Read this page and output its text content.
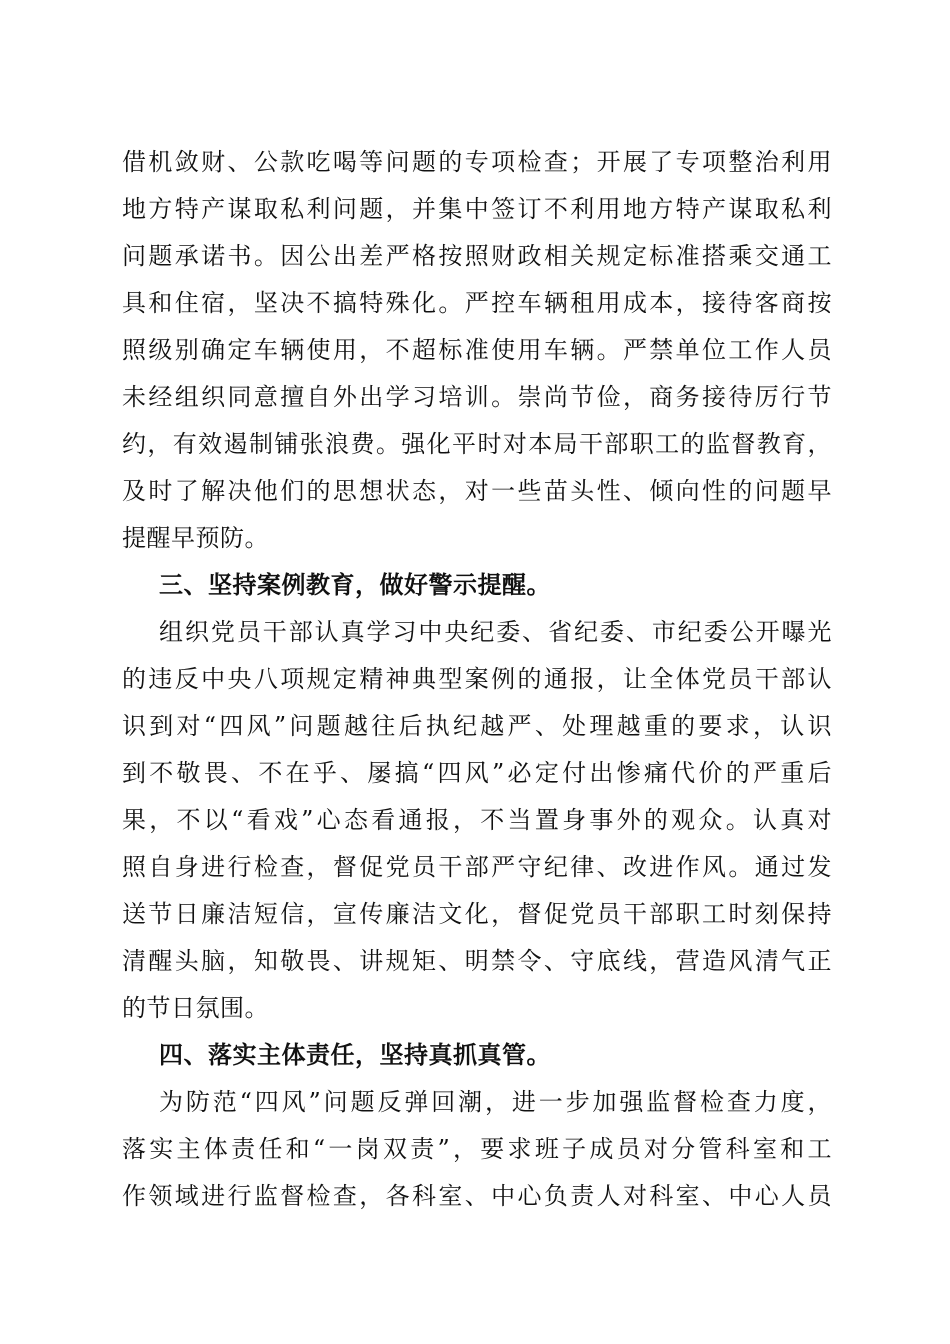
借机敛财、公款吃喝等问题的专项检查；开展了专项整治利用
地方特产谋取私利问题，并集中签订不利用地方特产谋取私利
问题承诺书。因公出差严格按照财政相关规定标准搭乘交通工
具和住宿，坚决不搞特殊化。严控车辆租用成本，接待客商按
照级别确定车辆使用，不超标准使用车辆。严禁单位工作人员
未经组织同意擅自外出学习培训。崇尚节俭，商务接待厉行节
约，有效遏制铺张浪费。强化平时对本局干部职工的监督教育，
及时了解决他们的思想状态，对一些苗头性、倾向性的问题早
提醒早预防。
三、坚持案例教育，做好警示提醒。
组织党员干部认真学习中央纪委、省纪委、市纪委公开曝光
的违反中央八项规定精神典型案例的通报，让全体党员干部认
识到对“四风”问题越往后执纪越严、处理越重的要求，认识
到不敬畏、不在乎、屡搞“四风”必定付出惨痛代价的严重后
果，不以“看戏”心态看通报，不当置身事外的观众。认真对
照自身进行检查，督促党员干部严守纪律、改进作风。通过发
送节日廉洁短信，宣传廉洁文化，督促党员干部职工时刻保持
清醒头脑，知敬畏、讲规矩、明禁令、守底线，营造风清气正
的节日氛围。
四、落实主体责任，坚持真抓真管。
为防范“四风”问题反弹回潮，进一步加强监督检查力度，
落实主体责任和“一岗双责”，要求班子成员对分管科室和工
作领域进行监督检查，各科室、中心负责人对科室、中心人员
